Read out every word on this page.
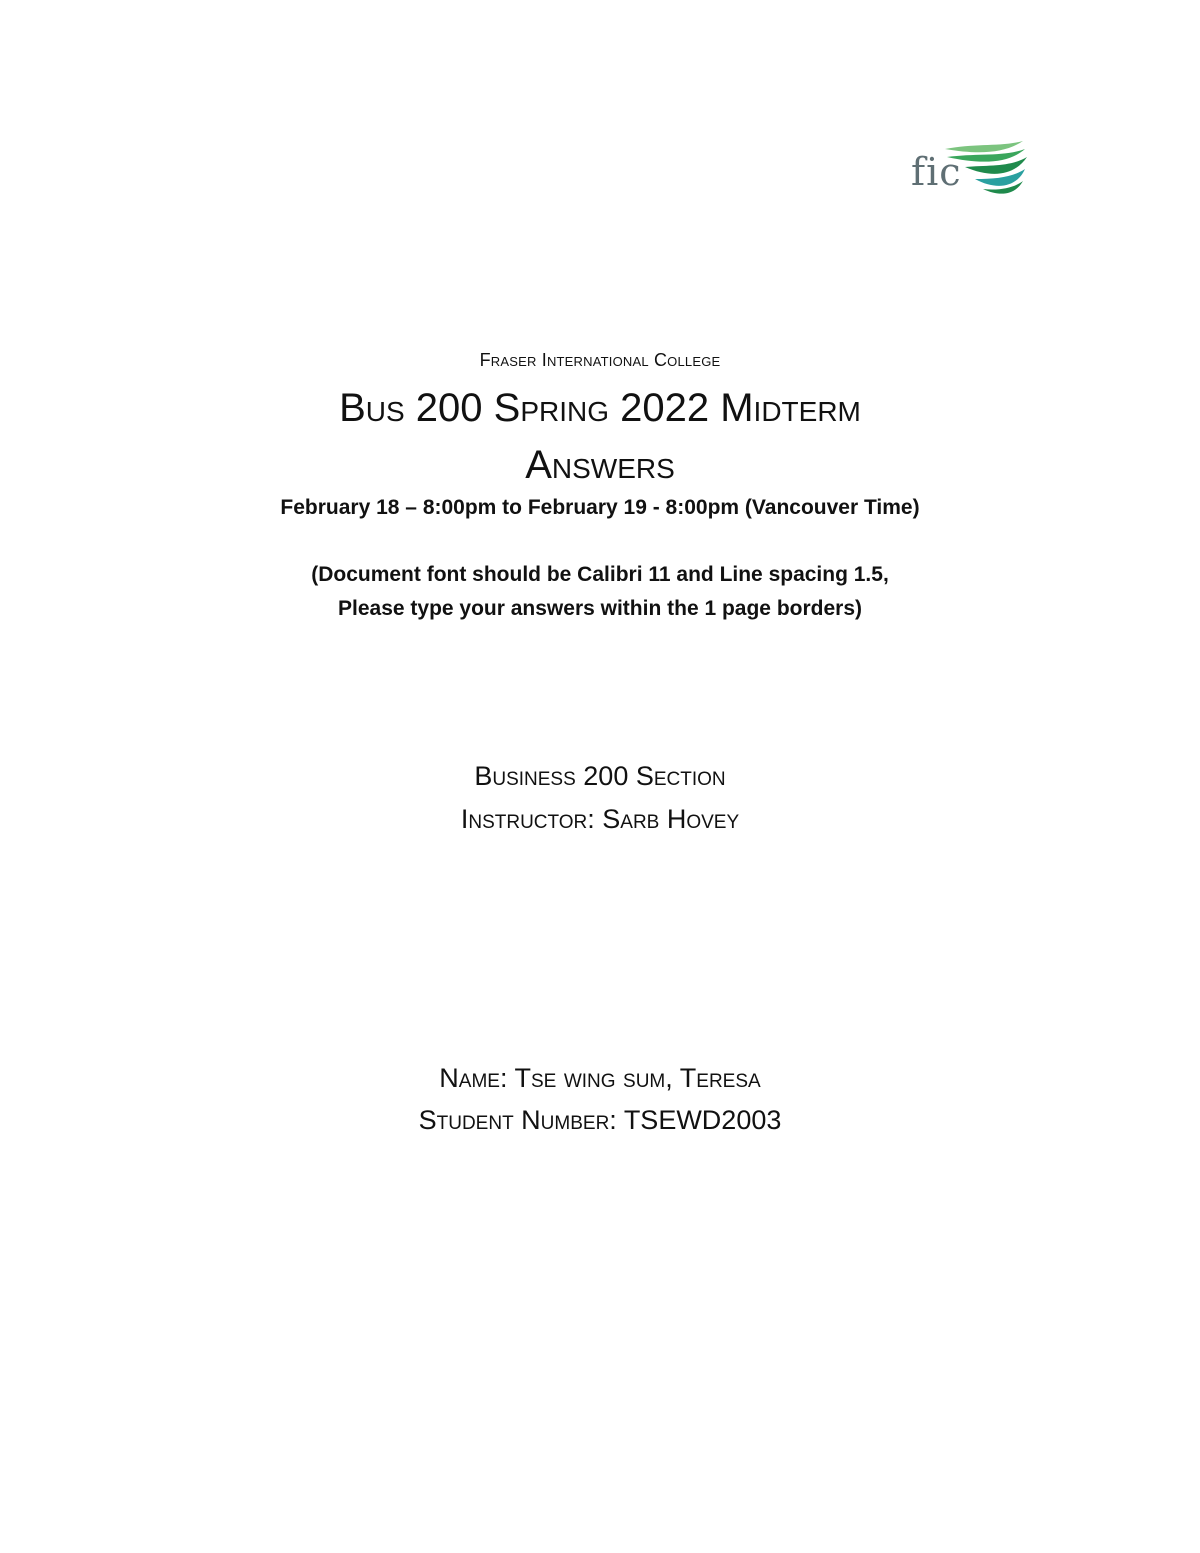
fic
Fraser International College
Bus 200 Spring 2022 Midterm
Answers
February 18 – 8:00pm to February 19 - 8:00pm (Vancouver Time)
(Document font should be Calibri 11 and Line spacing 1.5,
Please type your answers within the 1 page borders)
Business 200 Section
Instructor: Sarb Hovey
Name: Tse wing sum, Teresa
Student Number: TSEWD2003
